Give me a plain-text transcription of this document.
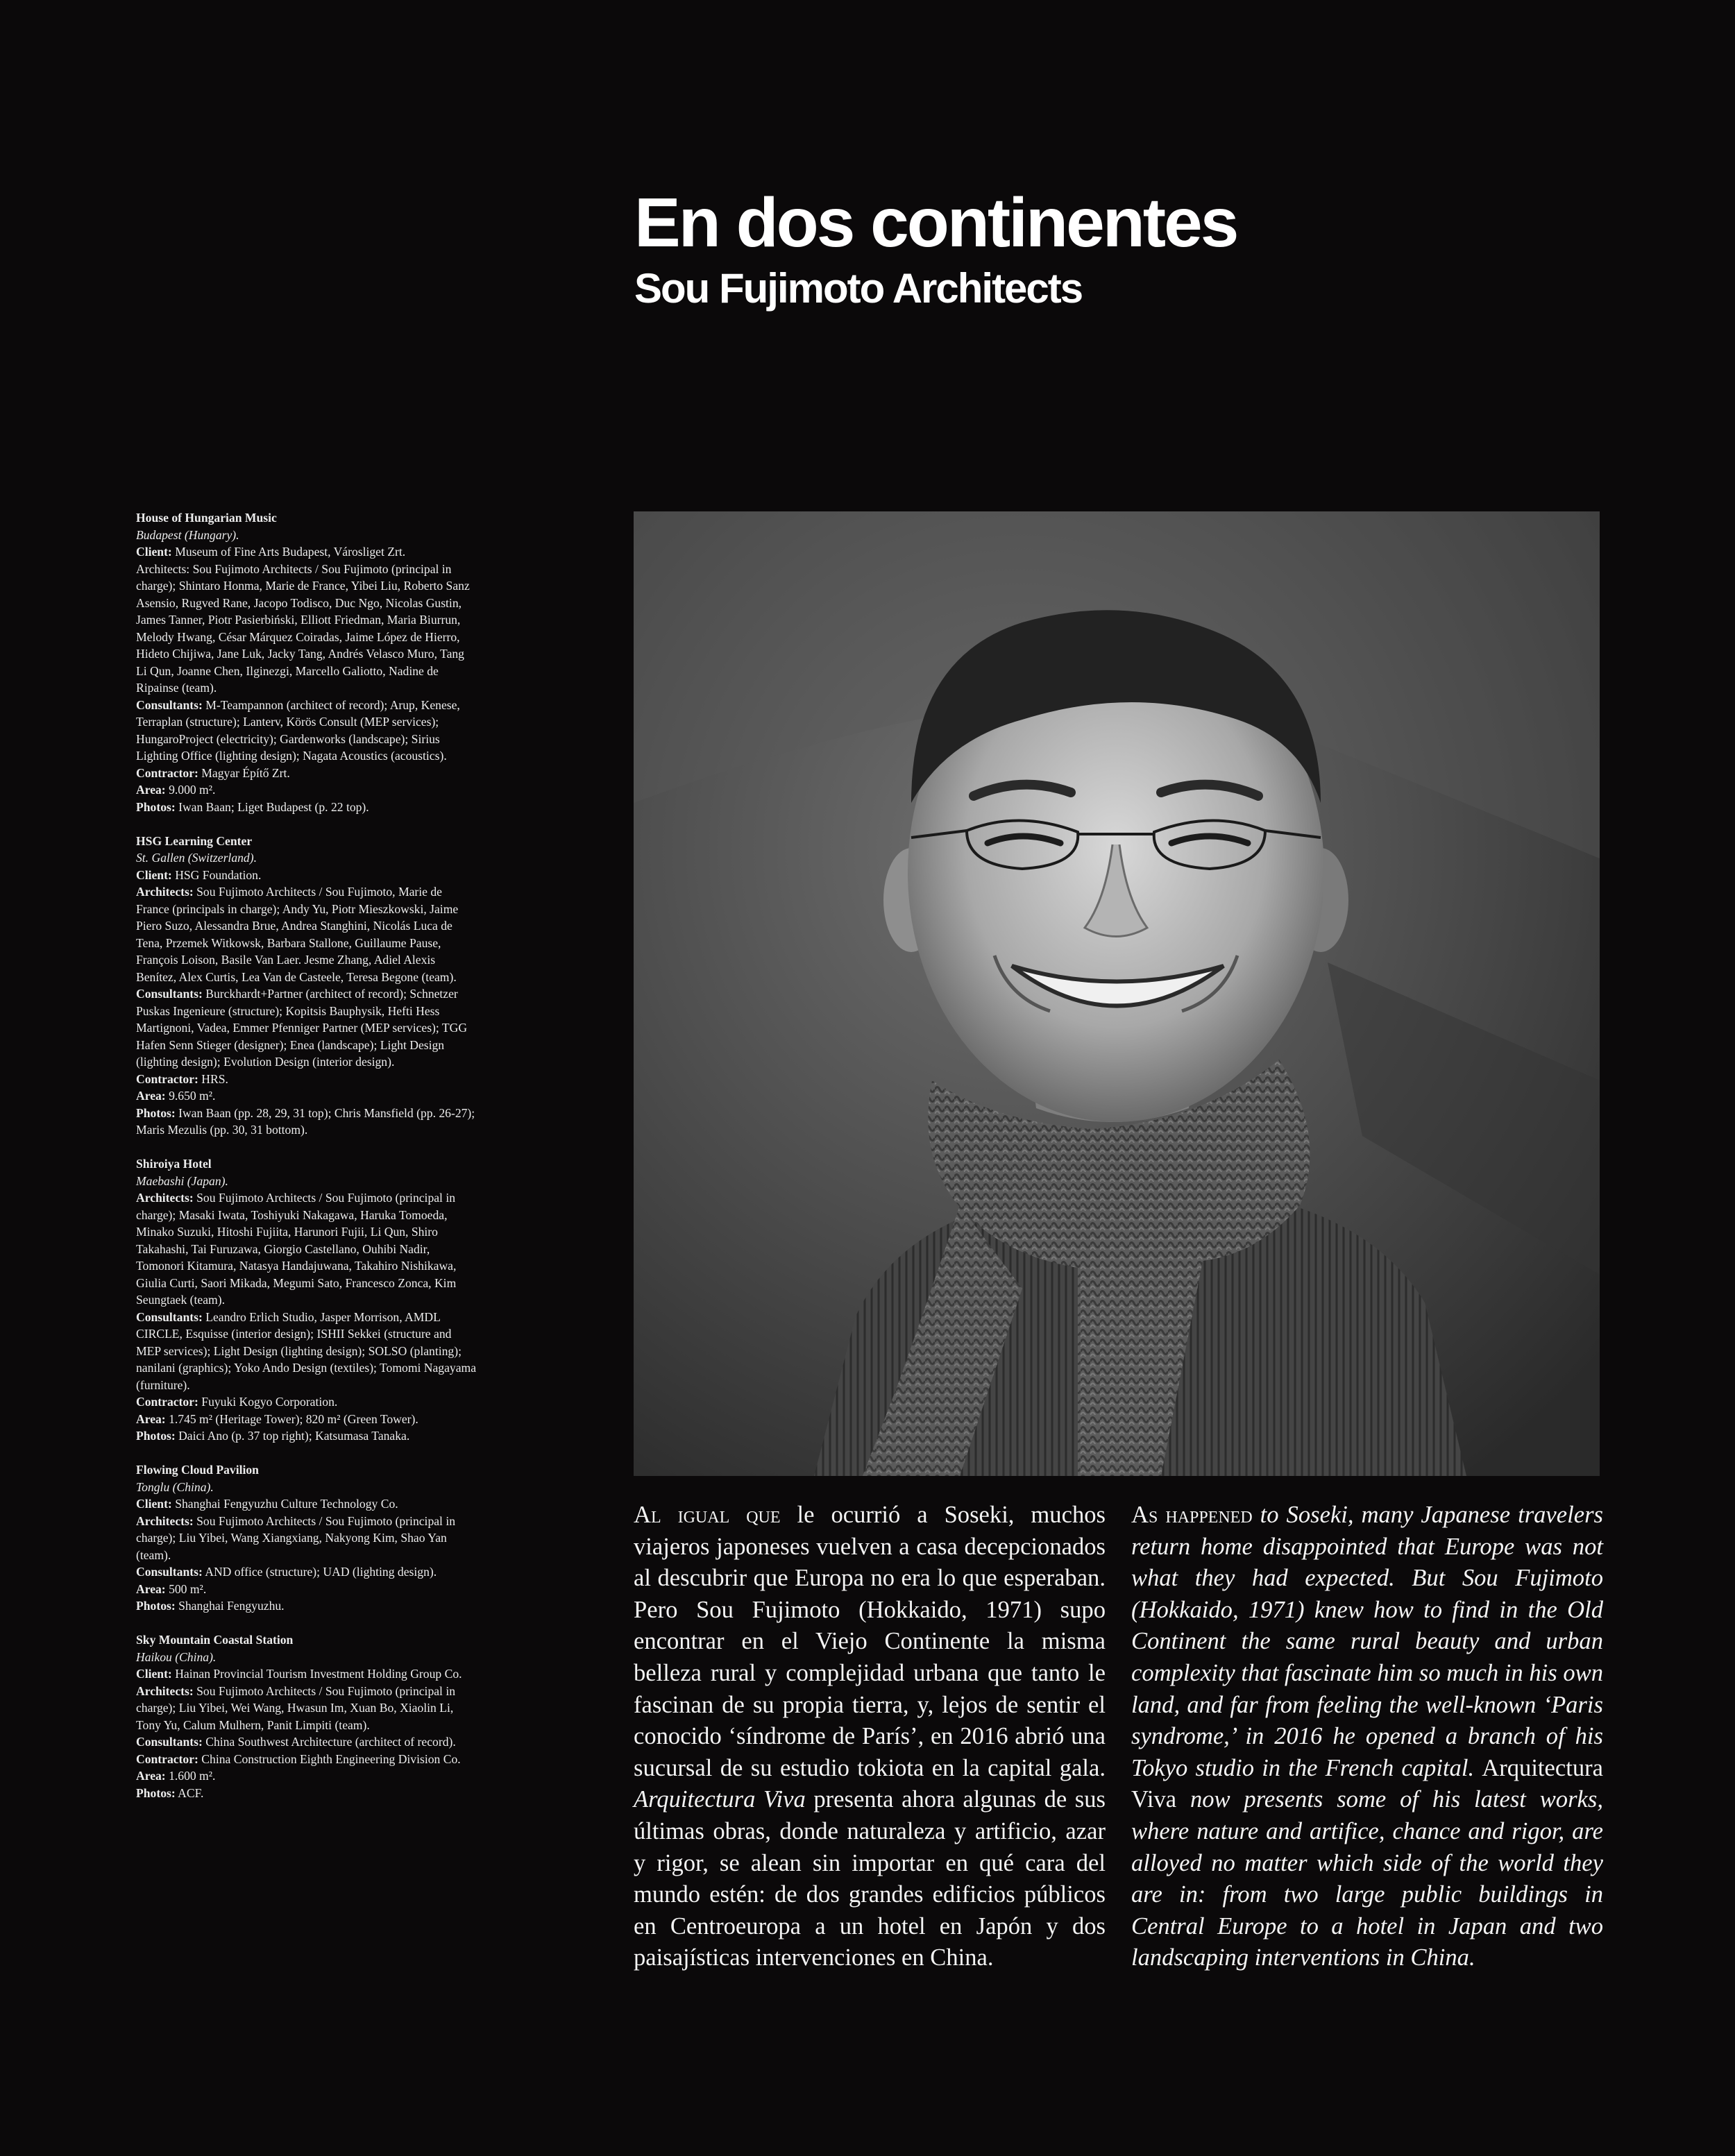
En dos continentes
Sou Fujimoto Architects
House of Hungarian Music
Budapest (Hungary).
Client: Museum of Fine Arts Budapest, Városliget Zrt.
Architects: Sou Fujimoto Architects / Sou Fujimoto (principal in charge); Shintaro Honma, Marie de France, Yibei Liu, Roberto Sanz Asensio, Rugved Rane, Jacopo Todisco, Duc Ngo, Nicolas Gustin, James Tanner, Piotr Pasierbiński, Elliott Friedman, Maria Biurrun, Melody Hwang, César Márquez Coiradas, Jaime López de Hierro, Hideto Chijiwa, Jane Luk, Jacky Tang, Andrés Velasco Muro, Tang Li Qun, Joanne Chen, Ilginezgi, Marcello Galiotto, Nadine de Ripainse (team).
Consultants: M-Teampannon (architect of record); Arup, Kenese, Terraplan (structure); Lanterv, Körös Consult (MEP services); HungaroProject (electricity); Gardenworks (landscape); Sirius Lighting Office (lighting design); Nagata Acoustics (acoustics).
Contractor: Magyar Építő Zrt.
Area: 9.000 m².
Photos: Iwan Baan; Liget Budapest (p. 22 top).
HSG Learning Center
St. Gallen (Switzerland).
Client: HSG Foundation.
Architects: Sou Fujimoto Architects / Sou Fujimoto, Marie de France (principals in charge); Andy Yu, Piotr Mieszkowski, Jaime Piero Suzo, Alessandra Brue, Andrea Stanghini, Nicolás Luca de Tena, Przemek Witkowsk, Barbara Stallone, Guillaume Pause, François Loison, Basile Van Laer. Jesme Zhang, Adiel Alexis Benítez, Alex Curtis, Lea Van de Casteele, Teresa Begone (team).
Consultants: Burckhardt+Partner (architect of record); Schnetzer Puskas Ingenieure (structure); Kopitsis Bauphysik, Hefti Hess Martignoni, Vadea, Emmer Pfenniger Partner (MEP services); TGG Hafen Senn Stieger (designer); Enea (landscape); Light Design (lighting design); Evolution Design (interior design).
Contractor: HRS.
Area: 9.650 m².
Photos: Iwan Baan (pp. 28, 29, 31 top); Chris Mansfield (pp. 26-27); Maris Mezulis (pp. 30, 31 bottom).
Shiroiya Hotel
Maebashi (Japan).
Architects: Sou Fujimoto Architects / Sou Fujimoto (principal in charge); Masaki Iwata, Toshiyuki Nakagawa, Haruka Tomoeda, Minako Suzuki, Hitoshi Fujiita, Harunori Fujii, Li Qun, Shiro Takahashi, Tai Furuzawa, Giorgio Castellano, Ouhibi Nadir, Tomonori Kitamura, Natasya Handajuwana, Takahiro Nishikawa, Giulia Curti, Saori Mikada, Megumi Sato, Francesco Zonca, Kim Seungtaek (team).
Consultants: Leandro Erlich Studio, Jasper Morrison, AMDL CIRCLE, Esquisse (interior design); ISHII Sekkei (structure and MEP services); Light Design (lighting design); SOLSO (planting); nanilani (graphics); Yoko Ando Design (textiles); Tomomi Nagayama (furniture).
Contractor: Fuyuki Kogyo Corporation.
Area: 1.745 m² (Heritage Tower); 820 m² (Green Tower).
Photos: Daici Ano (p. 37 top right); Katsumasa Tanaka.
Flowing Cloud Pavilion
Tonglu (China).
Client: Shanghai Fengyuzhu Culture Technology Co.
Architects: Sou Fujimoto Architects / Sou Fujimoto (principal in charge); Liu Yibei, Wang Xiangxiang, Nakyong Kim, Shao Yan (team).
Consultants: AND office (structure); UAD (lighting design).
Area: 500 m².
Photos: Shanghai Fengyuzhu.
Sky Mountain Coastal Station
Haikou (China).
Client: Hainan Provincial Tourism Investment Holding Group Co.
Architects: Sou Fujimoto Architects / Sou Fujimoto (principal in charge); Liu Yibei, Wei Wang, Hwasun Im, Xuan Bo, Xiaolin Li, Tony Yu, Calum Mulhern, Panit Limpiti (team).
Consultants: China Southwest Architecture (architect of record).
Contractor: China Construction Eighth Engineering Division Co.
Area: 1.600 m².
Photos: ACF.
Al igual que le ocurrió a Soseki, muchos viajeros japoneses vuelven a casa decepcionados al descubrir que Europa no era lo que esperaban. Pero Sou Fujimoto (Hokkaido, 1971) supo encontrar en el Viejo Continente la misma belleza rural y complejidad urbana que tanto le fascinan de su propia tierra, y, lejos de sentir el conocido ‘síndrome de París’, en 2016 abrió una sucursal de su estudio tokiota en la capital gala. Arquitectura Viva presenta ahora algunas de sus últimas obras, donde naturaleza y artificio, azar y rigor, se alean sin importar en qué cara del mundo estén: de dos grandes edificios públicos en Centroeuropa a un hotel en Japón y dos paisajísticas intervenciones en China.
As happened to Soseki, many Japanese travelers return home disappointed that Europe was not what they had expected. But Sou Fujimoto (Hokkaido, 1971) knew how to find in the Old Continent the same rural beauty and urban complexity that fascinate him so much in his own land, and far from feeling the well-known ‘Paris syndrome,’ in 2016 he opened a branch of his Tokyo studio in the French capital. Arquitectura Viva now presents some of his latest works, where nature and artifice, chance and rigor, are alloyed no matter which side of the world they are in: from two large public buildings in Central Europe to a hotel in Japan and two landscaping interventions in China.
